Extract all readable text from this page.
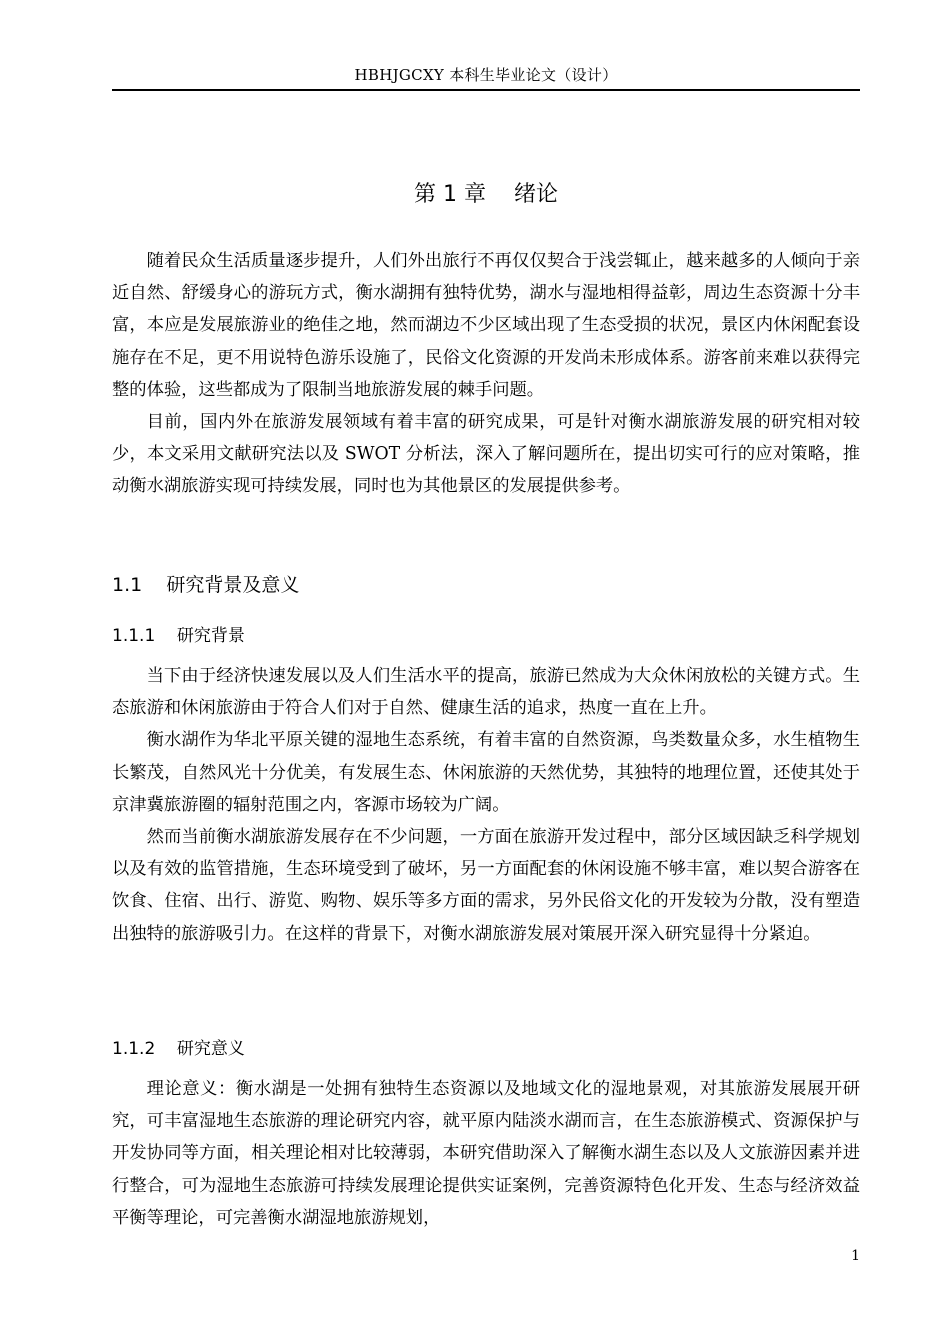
HBHJGCXY 本科生毕业论文（设计）
第 1 章    绪论

随着民众生活质量逐步提升，人们外出旅行不再仅仅契合于浅尝辄止，越来越多的人倾向于亲近自然、舒缓身心的游玩方式，衡水湖拥有独特优势，湖水与湿地相得益彰，周边生态资源十分丰富，本应是发展旅游业的绝佳之地，然而湖边不少区域出现了生态受损的状况，景区内休闲配套设施存在不足，更不用说特色游乐设施了，民俗文化资源的开发尚未形成体系。游客前来难以获得完整的体验，这些都成为了限制当地旅游发展的棘手问题。

目前，国内外在旅游发展领域有着丰富的研究成果，可是针对衡水湖旅游发展的研究相对较少，本文采用文献研究法以及 SWOT 分析法，深入了解问题所在，提出切实可行的应对策略，推动衡水湖旅游实现可持续发展，同时也为其他景区的发展提供参考。

1.1    研究背景及意义
1.1.1    研究背景

当下由于经济快速发展以及人们生活水平的提高，旅游已然成为大众休闲放松的关键方式。生态旅游和休闲旅游由于符合人们对于自然、健康生活的追求，热度一直在上升。

衡水湖作为华北平原关键的湿地生态系统，有着丰富的自然资源，鸟类数量众多，水生植物生长繁茂，自然风光十分优美，有发展生态、休闲旅游的天然优势，其独特的地理位置，还使其处于京津冀旅游圈的辐射范围之内，客源市场较为广阔。

然而当前衡水湖旅游发展存在不少问题，一方面在旅游开发过程中，部分区域因缺乏科学规划以及有效的监管措施，生态环境受到了破坏，另一方面配套的休闲设施不够丰富，难以契合游客在饮食、住宿、出行、游览、购物、娱乐等多方面的需求，另外民俗文化的开发较为分散，没有塑造出独特的旅游吸引力。在这样的背景下，对衡水湖旅游发展对策展开深入研究显得十分紧迫。

1.1.2    研究意义

理论意义：衡水湖是一处拥有独特生态资源以及地域文化的湿地景观，对其旅游发展展开研究，可丰富湿地生态旅游的理论研究内容，就平原内陆淡水湖而言，在生态旅游模式、资源保护与开发协同等方面，相关理论相对比较薄弱，本研究借助深入了解衡水湖生态以及人文旅游因素并进行整合，可为湿地生态旅游可持续发展理论提供实证案例，完善资源特色化开发、生态与经济效益平衡等理论，可完善衡水湖湿地旅游规划，

1
